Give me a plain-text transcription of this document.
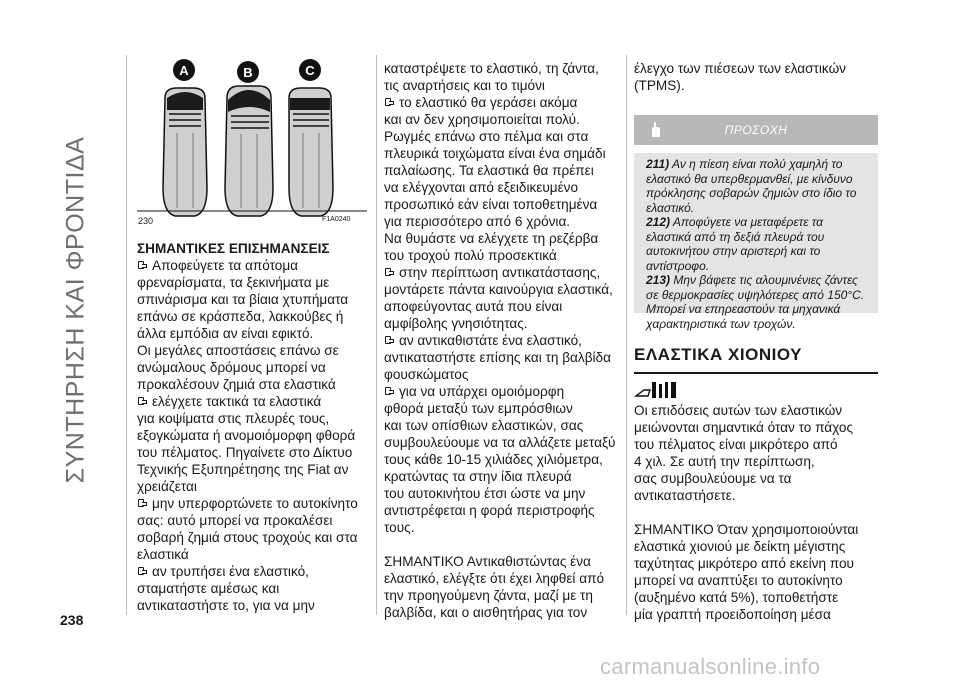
ΣΥΝΤΗΡΗΣΗ ΚΑΙ ΦΡΟΝΤΙΔΑ
238
A	B	C
230	F1A0240

ΣΗΜΑΝΤΙΚΕΣ ΕΠΙΣΗΜΑΝΣΕΙΣ

Αποφεύγετε τα απότομα

φρεναρίσματα, τα ξεκινήματα με

σπινάρισμα και τα βίαια χτυπήματα

επάνω σε κράσπεδα, λακκούβες ή

άλλα εμπόδια αν είναι εφικτό.

Οι μεγάλες αποστάσεις επάνω σε

ανώμαλους δρόμους μπορεί να

προκαλέσουν ζημιά στα ελαστικά

ελέγχετε τακτικά τα ελαστικά

για κοψίματα στις πλευρές τους,

εξογκώματα ή ανομοιόμορφη φθορά

του πέλματος. Πηγαίνετε στο Δίκτυο

Τεχνικής Εξυπηρέτησης της Fiat αν

χρειάζεται

μην υπερφορτώνετε το αυτοκίνητο

σας: αυτό μπορεί να προκαλέσει

σοβαρή ζημιά στους τροχούς και στα

ελαστικά

αν τρυπήσει ένα ελαστικό,

σταματήστε αμέσως και

αντικαταστήστε το, για να μην

καταστρέψετε το ελαστικό, τη ζάντα,

τις αναρτήσεις και το τιμόνι

το ελαστικό θα γεράσει ακόμα

και αν δεν χρησιμοποιείται πολύ.

Ρωγμές επάνω στο πέλμα και στα

πλευρικά τοιχώματα είναι ένα σημάδι

παλαίωσης. Τα ελαστικά θα πρέπει

να ελέγχονται από εξειδικευμένο

προσωπικό εάν είναι τοποθετημένα

για περισσότερο από 6 χρόνια.

Να θυμάστε να ελέγχετε τη ρεζέρβα

του τροχού πολύ προσεκτικά

στην περίπτωση αντικατάστασης,

μοντάρετε πάντα καινούργια ελαστικά,

αποφεύγοντας αυτά που είναι

αμφίβολης γνησιότητας.

αν αντικαθιστάτε ένα ελαστικό,

αντικαταστήστε επίσης και τη βαλβίδα

φουσκώματος

για να υπάρχει ομοιόμορφη

φθορά μεταξύ των εμπρόσθιων

και των οπίσθιων ελαστικών, σας

συμβουλεύουμε να τα αλλάζετε μεταξύ

τους κάθε 10-15 χιλιάδες χιλιόμετρα,

κρατώντας τα στην ίδια πλευρά

του αυτοκινήτου έτσι ώστε να μην

αντιστρέφεται η φορά περιστροφής

τους.

ΣΗΜΑΝΤΙΚΟ Αντικαθιστώντας ένα

ελαστικό, ελέγξτε ότι έχει ληφθεί από

την προηγούμενη ζάντα, μαζί με τη

βαλβίδα, και ο αισθητήρας για τον

έλεγχο των πιέσεων των ελαστικών

(TPMS).

ΠΡΟΣΟΧΗ

211) Αν η πίεση είναι πολύ χαμηλή το

ελαστικό θα υπερθερμανθεί, με κίνδυνο

πρόκλησης σοβαρών ζημιών στο ίδιο το

ελαστικό.

212) Αποφύγετε να μεταφέρετε τα

ελαστικά από τη δεξιά πλευρά του

αυτοκινήτου στην αριστερή και το

αντίστροφο.

213) Μην βάφετε τις αλουμινένιες ζάντες

σε θερμοκρασίες υψηλότερες από 150°C.

Μπορεί να επηρεαστούν τα μηχανικά

χαρακτηριστικά των τροχών.

ΕΛΑΣΤΙΚΑ ΧΙΟΝΙΟΥ

Οι επιδόσεις αυτών των ελαστικών

μειώνονται σημαντικά όταν το πάχος

του πέλματος είναι μικρότερο από

4 χιλ. Σε αυτή την περίπτωση,

σας συμβουλεύουμε να τα

αντικαταστήσετε.

ΣΗΜΑΝΤΙΚΟ Όταν χρησιμοποιούνται

ελαστικά χιονιού με δείκτη μέγιστης

ταχύτητας μικρότερο από εκείνη που

μπορεί να αναπτύξει το αυτοκίνητο

(αυξημένο κατά 5%), τοποθετήστε

μία γραπτή προειδοποίηση μέσα

carmanualsonline.info
